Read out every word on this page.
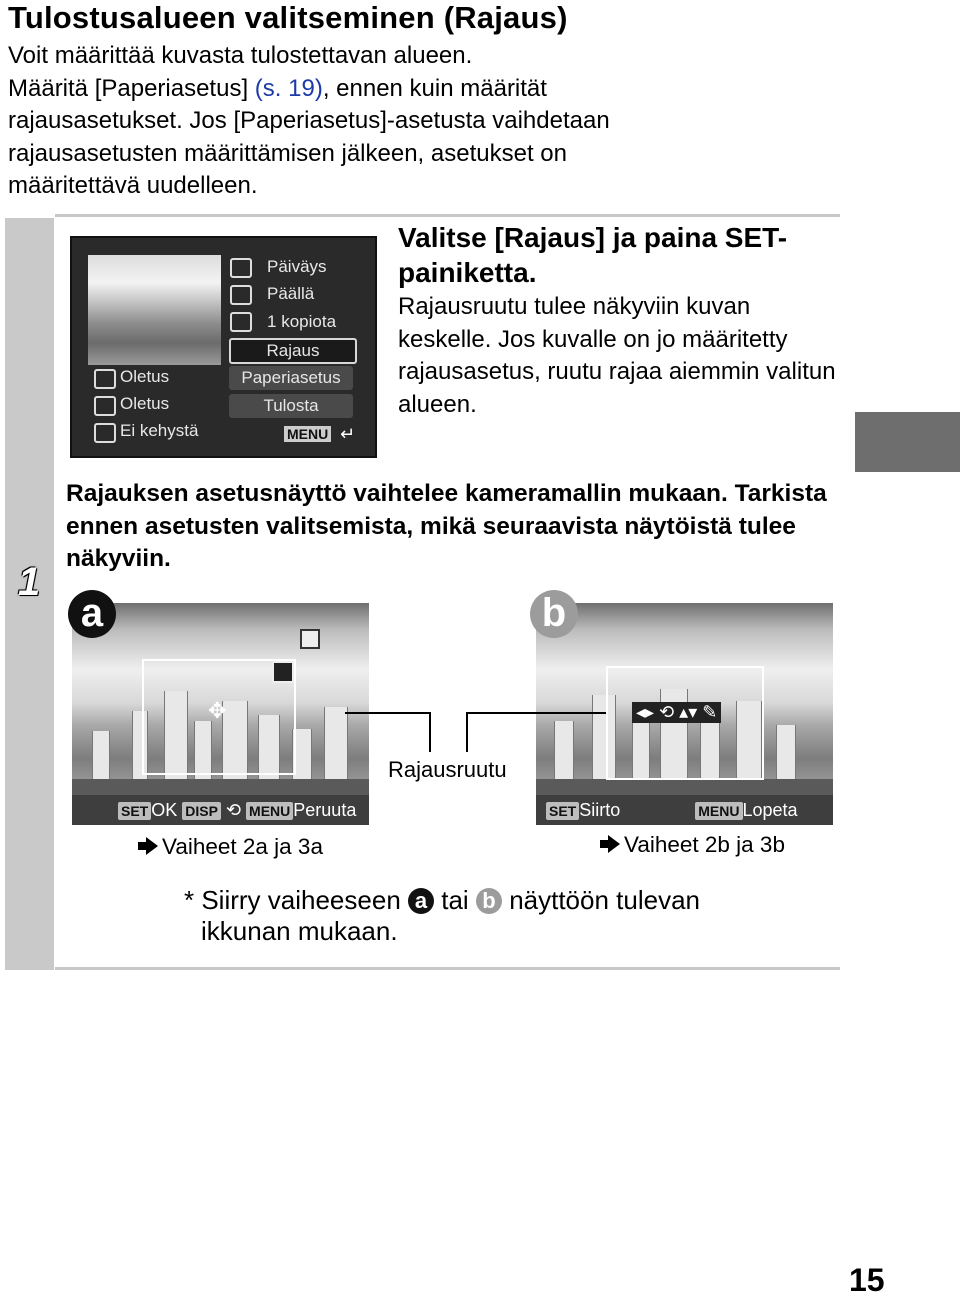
Tulostusalueen valitseminen (Rajaus)
Voit määrittää kuvasta tulostettavan alueen.
Määritä [Paperiasetus] (s. 19), ennen kuin määrität
rajausasetukset. Jos [Paperiasetus]-asetusta vaihdetaan
rajausasetusten määrittämisen jälkeen, asetukset on
määritettävä uudelleen.
1
Päiväys
Päällä
1 kopiota
Rajaus
Paperiasetus
Tulosta
Oletus
Oletus
Ei kehystä	MENU ↵
Valitse [Rajaus] ja paina SET-painiketta.
Rajausruutu tulee näkyviin kuvan keskelle. Jos kuvalle on jo määritetty rajausasetus, ruutu rajaa aiemmin valitun alueen.
Rajauksen asetusnäyttö vaihtelee kameramallin mukaan. Tarkista ennen asetusten valitsemista, mikä seuraavista näytöistä tulee näkyviin.
✥
SET OK DISP ⟲ MENU Peruuta
a
◂▸ ⟲ ▴▾ ✎
SET Siirto	MENU Lopeta
b
Rajausruutu
Vaiheet 2a ja 3a	Vaiheet 2b ja 3b
* Siirry vaiheeseen a tai b näyttöön tulevan
ikkunan mukaan.
15
